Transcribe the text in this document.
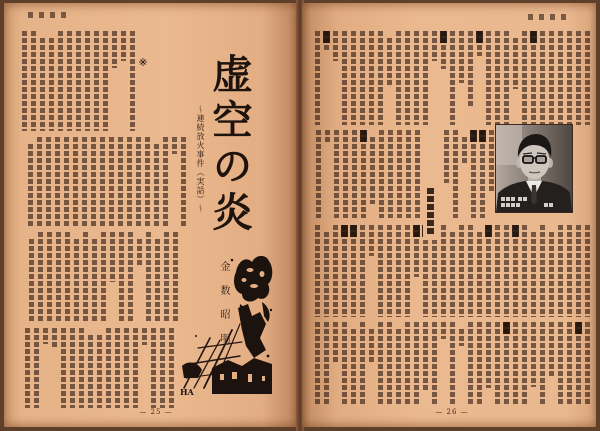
虚空の炎
〜連続放火事件（実話）〜
金 数 昭 明
HA
— 25 —	— 26 —
